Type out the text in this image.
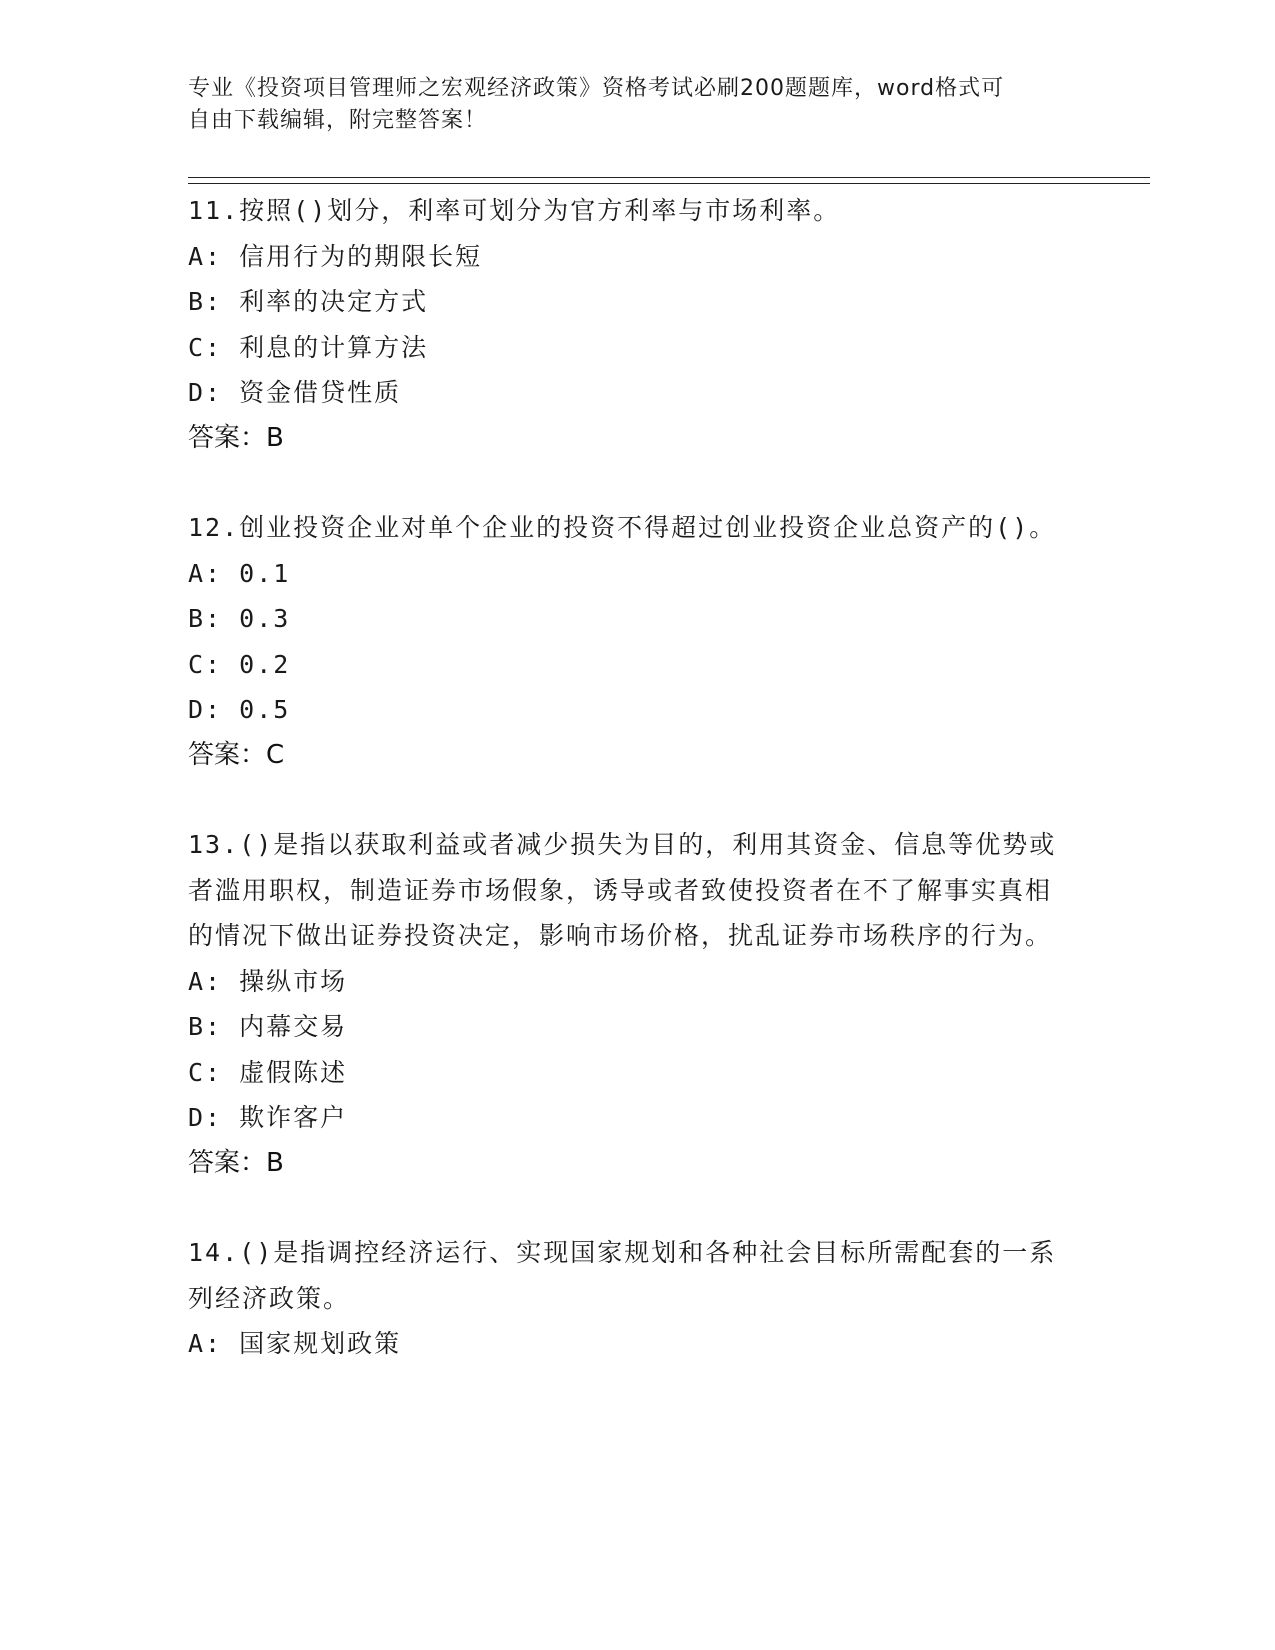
专业《投资项目管理师之宏观经济政策》资格考试必刷200题题库，word格式可
自由下载编辑，附完整答案！
11.按照()划分，利率可划分为官方利率与市场利率。
A: 信用行为的期限长短
B: 利率的决定方式
C: 利息的计算方法
D: 资金借贷性质
答案：B
12.创业投资企业对单个企业的投资不得超过创业投资企业总资产的()。
A: 0.1
B: 0.3
C: 0.2
D: 0.5
答案：C
13.()是指以获取利益或者减少损失为目的，利用其资金、信息等优势或者滥用职权，制造证券市场假象，诱导或者致使投资者在不了解事实真相的情况下做出证券投资决定，影响市场价格，扰乱证券市场秩序的行为。
A: 操纵市场
B: 内幕交易
C: 虚假陈述
D: 欺诈客户
答案：B
14.()是指调控经济运行、实现国家规划和各种社会目标所需配套的一系列经济政策。
A: 国家规划政策
